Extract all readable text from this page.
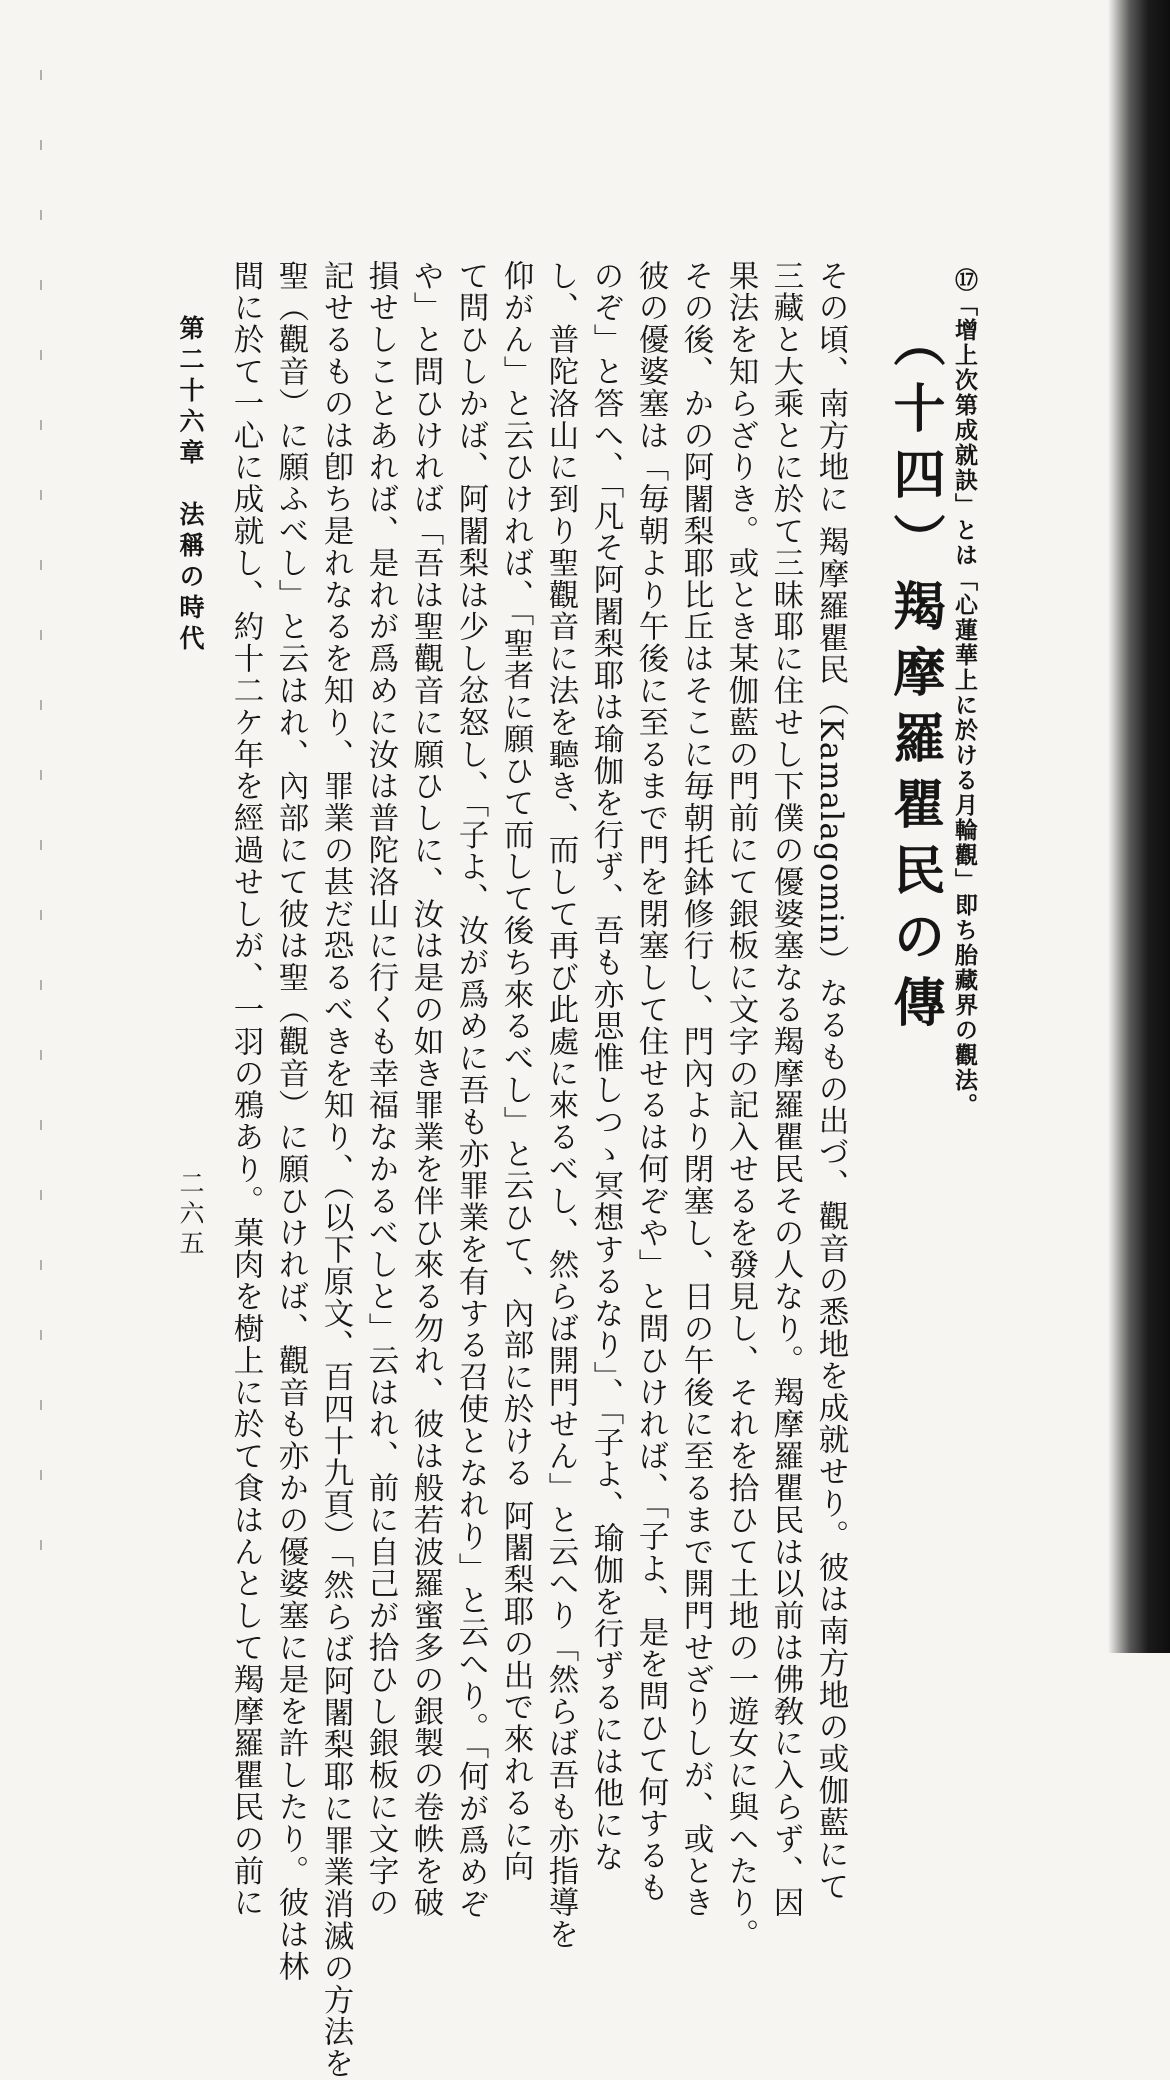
⑰「增上次第成就訣」とは「心蓮華上に於ける月輪觀」即ち胎藏界の觀法。
（十四）羯摩羅瞿民の傳
その頃、南方地に 羯摩羅瞿民（Kamalagomin）なるもの出づ、觀音の悉地を成就せり。彼は南方地の或伽藍にて
三藏と大乘とに於て三昧耶に住せし下僕の優婆塞なる羯摩羅瞿民その人なり。羯摩羅瞿民は以前は佛敎に入らず、因
果法を知らざりき。或とき某伽藍の門前にて銀板に文字の記入せるを發見し、それを拾ひて土地の一遊女に與へたり。
その後、かの阿闍梨耶比丘はそこに毎朝托鉢修行し、門內より閉塞し、日の午後に至るまで開門せざりしが、或とき
彼の優婆塞は「毎朝より午後に至るまで門を閉塞して住せるは何ぞや」と問ひければ、「子よ、是を問ひて何するも
のぞ」と答へ、「凡そ阿闍梨耶は瑜伽を行ず、吾も亦思惟しつゝ冥想するなり」、「子よ、瑜伽を行ずるには他にな
し、普陀洛山に到り聖觀音に法を聽き、而して再び此處に來るべし、然らば開門せん」と云へり「然らば吾も亦指導を
仰がん」と云ひければ、「聖者に願ひて而して後ち來るべし」と云ひて、內部に於ける 阿闍梨耶の出で來れるに向
て問ひしかば、阿闍梨は少し忿怒し、「子よ、汝が爲めに吾も亦罪業を有する召使となれり」と云へり。「何が爲めぞ
や」と問ひければ「吾は聖觀音に願ひしに、汝は是の如き罪業を伴ひ來る勿れ、彼は般若波羅蜜多の銀製の卷帙を破
損せしことあれば、是れが爲めに汝は普陀洛山に行くも幸福なかるべしと」云はれ、前に自己が拾ひし銀板に文字の
記せるものは卽ち是れなるを知り、罪業の甚だ恐るべきを知り、（以下原文、百四十九頁）「然らば阿闍梨耶に罪業消滅の方法を
聖（觀音）に願ふべし」と云はれ、內部にて彼は聖（觀音）に願ひければ、觀音も亦かの優婆塞に是を許したり。彼は林
間に於て一心に成就し、約十二ケ年を經過せしが、一羽の鴉あり。菓肉を樹上に於て食はんとして羯摩羅瞿民の前に
第二十六章　法稱の時代
二六五
